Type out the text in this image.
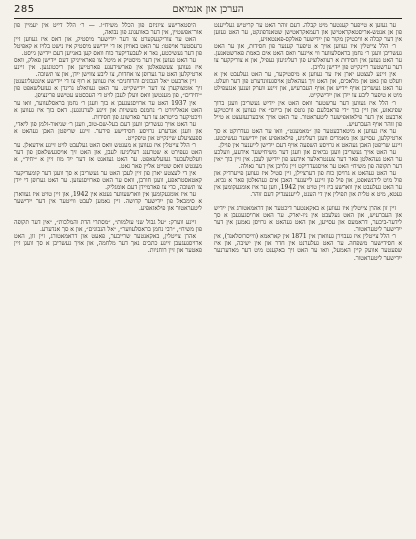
285	הערכן און אנמיאם

ער געזען א טייפער קענטער מיט קבלה. דעם זוהר האט ער קריטיש געלייענט פון אן אנטש-אריסטאקראטישן און דעמאקראטישן שטאנדפונקט, ער האט געזען אין דער קבלה א וויכטיקן מקור פון ייִדישער פאלקס-פאנטאזיע,

ר׳ הלל צייטלין איז געווען אויך א טיפער קענער פון חסידות, און ער האט געשריבן וועגן ר׳ נחמן בראסלעווער ווי איינער וואס האט אים באמת פארשטאנען. ער האט געזען אין חסידות א רעוואלוציע פון רעליגיעזן געפיל, און א צוריקקער צו דער ערשטער ריינקייט פון ייִדישן גלויבן.

אין זיינע לעצטע יארן איז ער געווען א מיסטיקער, ער האט געלעבט אין א וועלט פון גאט און מלאכים, און האט זיך געהאלטן אויסגעזונדערט פון דער וועלט. ער האט געשריבן אויף יידיש און אויף העברעיש, און זיינע ווערק זענען אנגעפילט מיט א טיפער ליבע צו ייִדן און ייִדישקייט.

ר׳ הלל איז געווען דער ערשטער וואס האט אין יידיש געשריבן וועגן ברוך שפינאזע, און זיין בוך ״די פראבלעם פון גוטס און בייזס״ איז געווען א וויכטיקע ארבעט אין דער פילאזאפישער ליטעראטור. ער האט אויך איבערגעזעצט א טייל פון זוהר אויף העברעיש.

ער איז געווען א מיטארבעטער פון ״מאמענט״, וואו ער האט געדרוקט א סך ארטיקלען, עסייען און מאמרים וועגן רעליגיע, פילאזאפיע און ייִדישער געשיכטע. זיינע שריפטן האבן געהאט א גרויסע השפעה אויף דעם ייִדישן לייענער אין פוילן.

ער האט אויך געשריבן וועגן נביאים און וועגן דער משיחישער אידעע, וועלכע ער האט געהאלטן פאר דער צענטראלער אידעע פון ייִדישן לעבן. אין זיין בוך ״אין דער תקופה פון משיח״ האט ער אויסגעדריקט זיין גלויבן אין דער גאולה.

ער האט געהאט א גרויסן כוח פון דערציילן, זיין סטיל איז געווען פייערדיק און פול מיט לידנשאפט, און פיל פון זיינע לייענער האבן אים געהאלטן פאר א נביא. ער האט געלעבט אין ווארשע ביז זיין טויט אין 1942, ווען ער איז אומגעקומען אין געטא, מיט א טלית און תפילין אין די הענט, לייענענדיק דעם זוהר.

זיין זון אהרן צייטלין איז געווען א באקאנטער דיכטער און דראמאטורג אין יידיש און העברעיש, און האט געלעבט אין ניו-יארק. ער האט ארויסגעגעבן א סך לידער-ביכער, דראמעס און עסייען, און האט געהאט א גרויסן נאמען אין דער ייִדישער ליטעראטור.

ר׳ הלל צייטלין איז געבוירן געווארן אין 1871 אין קאראמא (ווייסרוסלאנד), אין א חסידישער משפחה. ער האט געלערנט אין חדר און אין ישיבה, און איז שפעטער אוועק קיין האמעל, וואו ער האט זיך באקענט מיט דער מאדערנער ייִדישער ליטעראטור.

היסטארישע ציוניזם פון הכלל משיח״ו. — ר׳ הלל דייט אין יעמיין פון אור־אפשטיין, אין דער באוועגונג פון נבואה,

האט ער צוריקגעקערט צו דער ייִדישער מיסטיק, און דאס איז געווען זיין גרעסטער אויפטו: ער האט באוויזן אז די ייִדישע מיסטיק איז נישט בלויז א קאפיטל פון דער געשיכטע, נאר א לעבעדיקער כוח וואס קען באנייען דעם ייִדישן גייסט.

ער האט געזען אין דער מיסטיק א מיטל צו פאראייניקן דעם ייִדישן פאלק, וואס איז געווען צעשפאלטן אין פארשידענע פארטייען און ריכטונגען. אין זיינע ארטיקלען האט ער גערופן צו אחדות, צו ליבע צווישן ייִדן, און צו תשובה.

זיין ארבעט ״אל הנבונים והרוחנים״ איז געווען א רוף צו די ייִדישע אינטעליגענטן זיך אומצוקערן צו דער ייִדישקייט. ער האט געוואלט גרינדן א געזעלשאפט פון ״יחידים״, פון מענטשן וואס וועלן לעבן לויט די העכסטע עטישע פרינציפן.

אין 1937 האט ער ארויסגעגעבן א בוך וועגן ר׳ נחמן בראסלעווער, וואו ער האט אנאליזירט ר׳ נחמנס מעשיות און זיינע לערנונגען. דאס בוך איז געווען א וויכטיקער בייטראג צו דער פארשונג פון חסידות.

ער האט אויך געשריבן וועגן דעם בעל-שם-טוב, וועגן ר׳ שניאור-זלמן פון ליאדי, און וועגן אנדערע גרויסע חסידישע פירער. זיינע שריפטן האבן געהאט א ספעציעלע שיינקייט און טיפקייט.

ר׳ הלל צייטלין איז געווען א מענטש וואס האט געלעבט לויט זיינע אידעאלן. ער האט געפירט א שטרענג רעליגיעז לעבן, און האט זיך אויסגעשלאסן פון דער וועלטלעכער געזעלשאפט. ער האט געזאגט אז דער ייִד מוז זיין א ״יחיד״, א מענטש וואס שטייט אליין פאר גאט.

אין די לעצטע יארן פון זיין לעבן האט ער געשריבן א סך וועגן דער קומעדיקער קאטאסטראפע, וועגן חורבן, וואס ער האט פארויסגעזען. ער האט גערופן די ייִדן צו תשובה, כדי צו פארמיידן דעם אומגליק.

ער איז אומגעקומען אין ווארשעווער געטא אין 1942, און זיין טויט איז געווארן א סימבאל פון ייִדישער קדושה. זיין נאמען לעבט ווייטער אין דער ייִדישער ליטעראטור און פילאזאפיע.

זיינע ווערק: ״על גבול שני עולמות״, ״מסתרי הדת והמלכות״, ״אין דער תקופה פון משיח״, ״רבי נחמן בראסלעווער״, ״אל הנבונים״, און א סך אנדערע.

אהרן צייטלין, באקאנטער שרייבער, פאעט און דראמאטורג, זיין זון, האט ארויסגעגעבן זיינע כתבים נאך דער מלחמה, און אויך געשריבן א סך וועגן זיין פאטער און זיין רוחניות.
